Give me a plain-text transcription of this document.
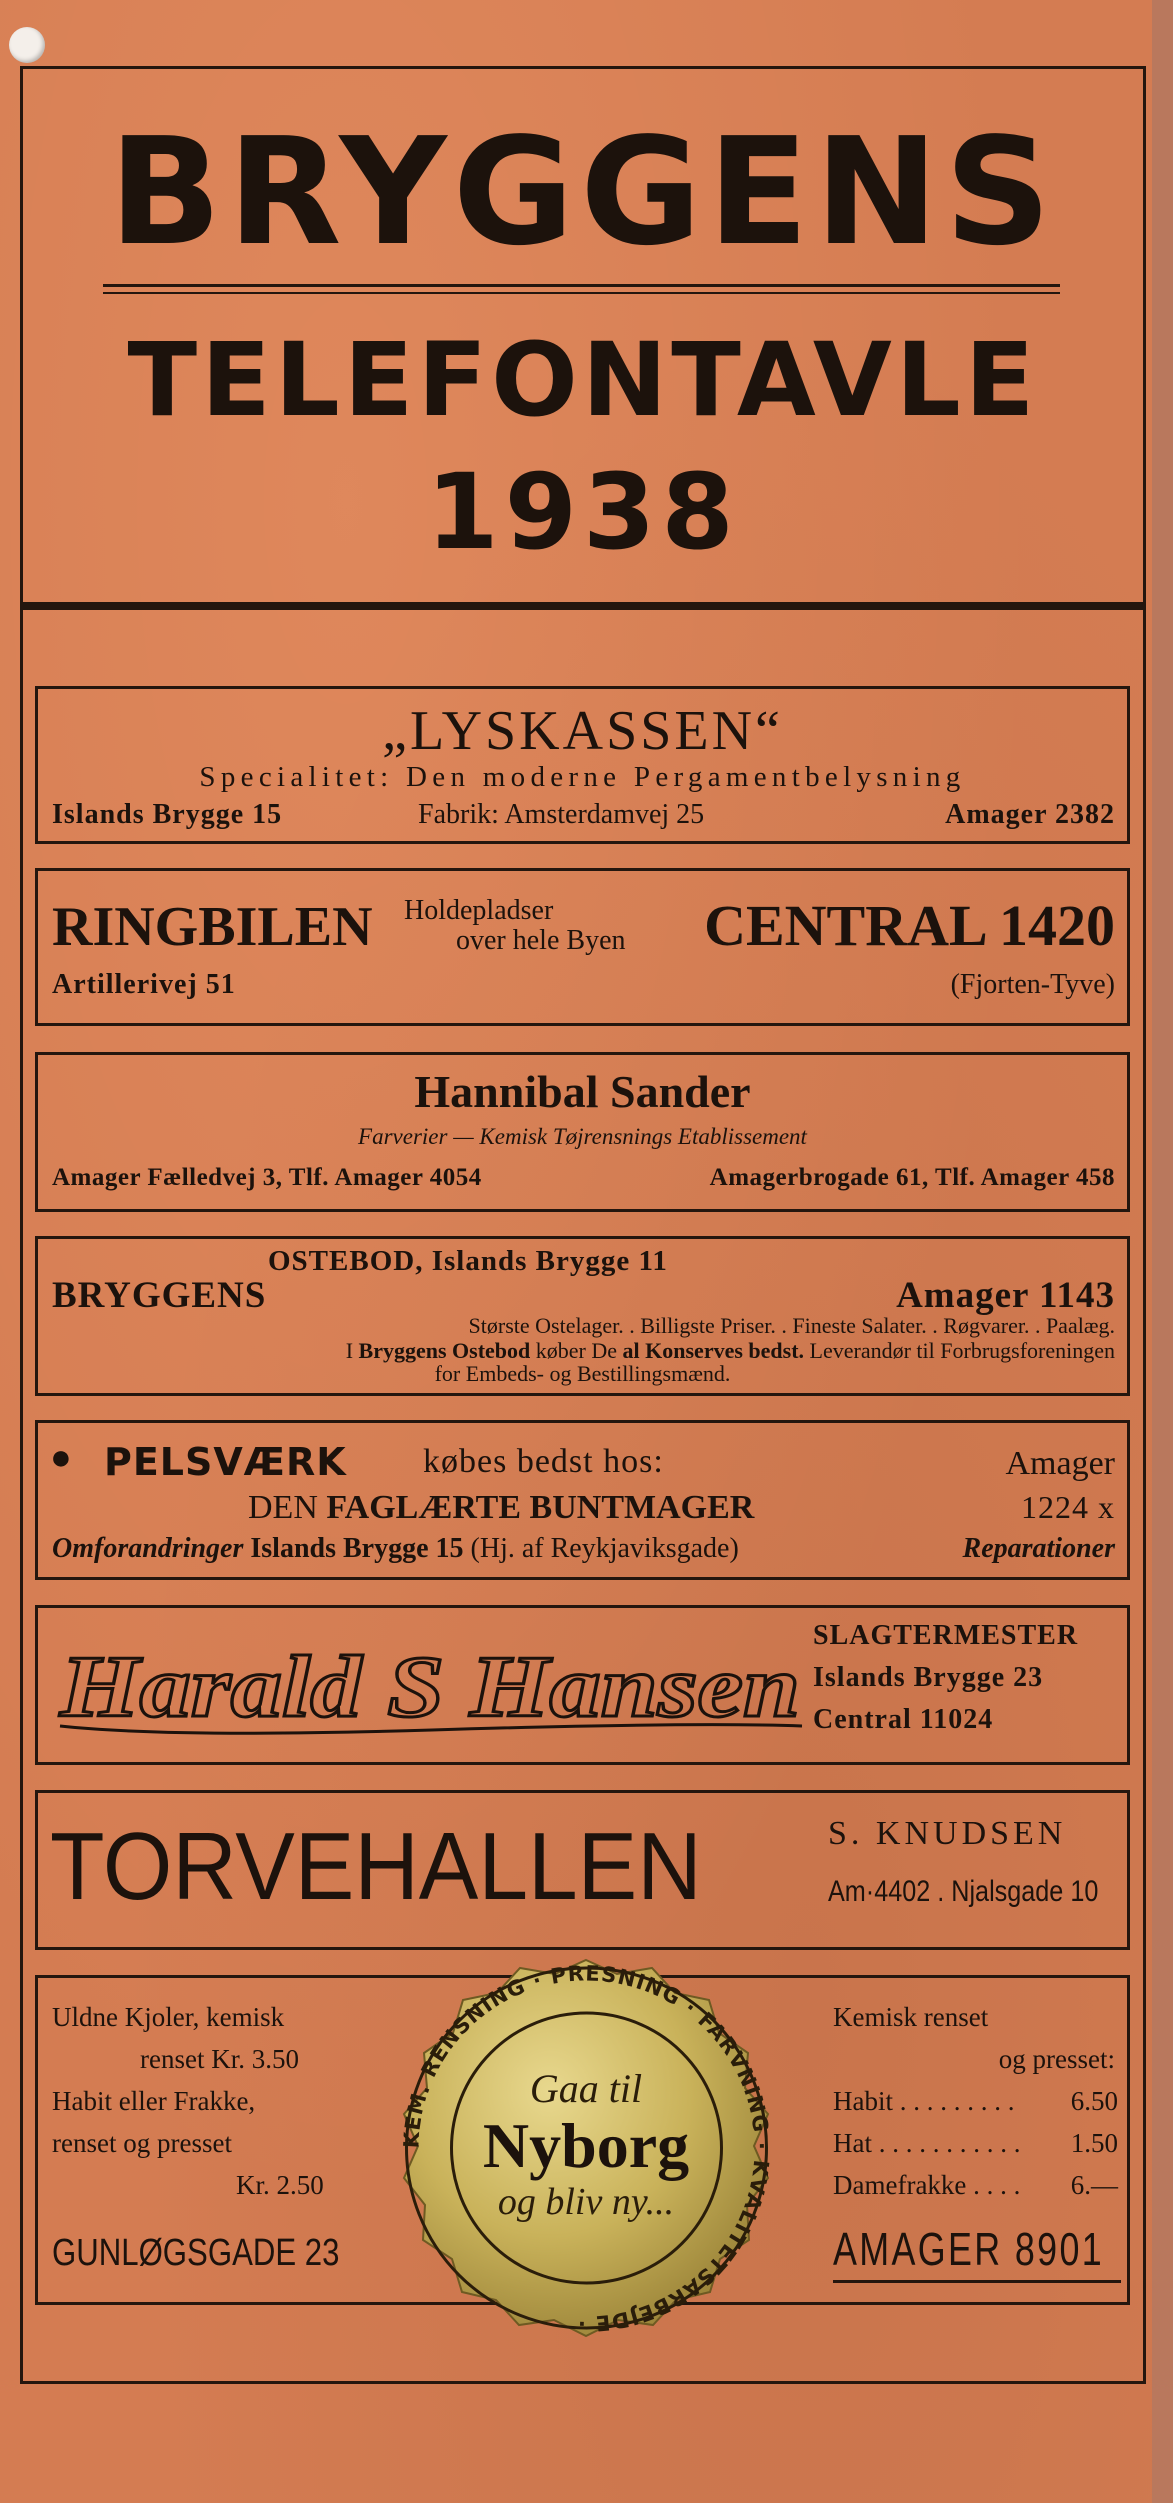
BRYGGENS
TELEFONTAVLE
1938
„LYSKASSEN“
Specialitet: Den moderne Pergamentbelysning
Islands Brygge 15	Fabrik: Amsterdamvej 25	Amager 2382
RINGBILEN Holdepladser
over hele Byen CENTRAL 1420
Artillerivej 51	(Fjorten-Tyve)
Hannibal Sander
Farverier — Kemisk Tøjrensnings Etablissement
Amager Fælledvej 3, Tlf. Amager 4054	Amagerbrogade 61, Tlf. Amager 458
OSTEBOD, Islands Brygge 11
BRYGGENS	Amager 1143
Største Ostelager. . Billigste Priser. . Fineste Salater. . Røgvarer. . Paalæg.
I Bryggens Ostebod køber De al Konserves bedst. Leverandør til Forbrugsforeningen
for Embeds- og Bestillingsmænd.
● PELSVÆRK købes bedst hos:	Amager
DEN FAGLÆRTE BUNTMAGER	1224 x
Omforandringer Islands Brygge 15 (Hj. af Reykjaviksgade)	Reparationer
Harald S Hansen
SLAGTERMESTER
Islands Brygge 23
Central 11024
TORVEHALLEN	S. KNUDSEN
Am·4402 . Njalsgade 10
Uldne Kjoler, kemisk
renset Kr. 3.50
Habit eller Frakke,
renset og presset
Kr. 2.50
GUNLØGSGADE 23
Kemisk renset
og presset:
Habit . . . . . . . . . 6.50
Hat . . . . . . . . . . . 1.50
Damefrakke . . . . 6.—
AMAGER 8901
KEM. RENSNING · PRESNING · FARVNING · KVALITETSARBEJDE ·
Gaa til
Nyborg
og bliv ny...
